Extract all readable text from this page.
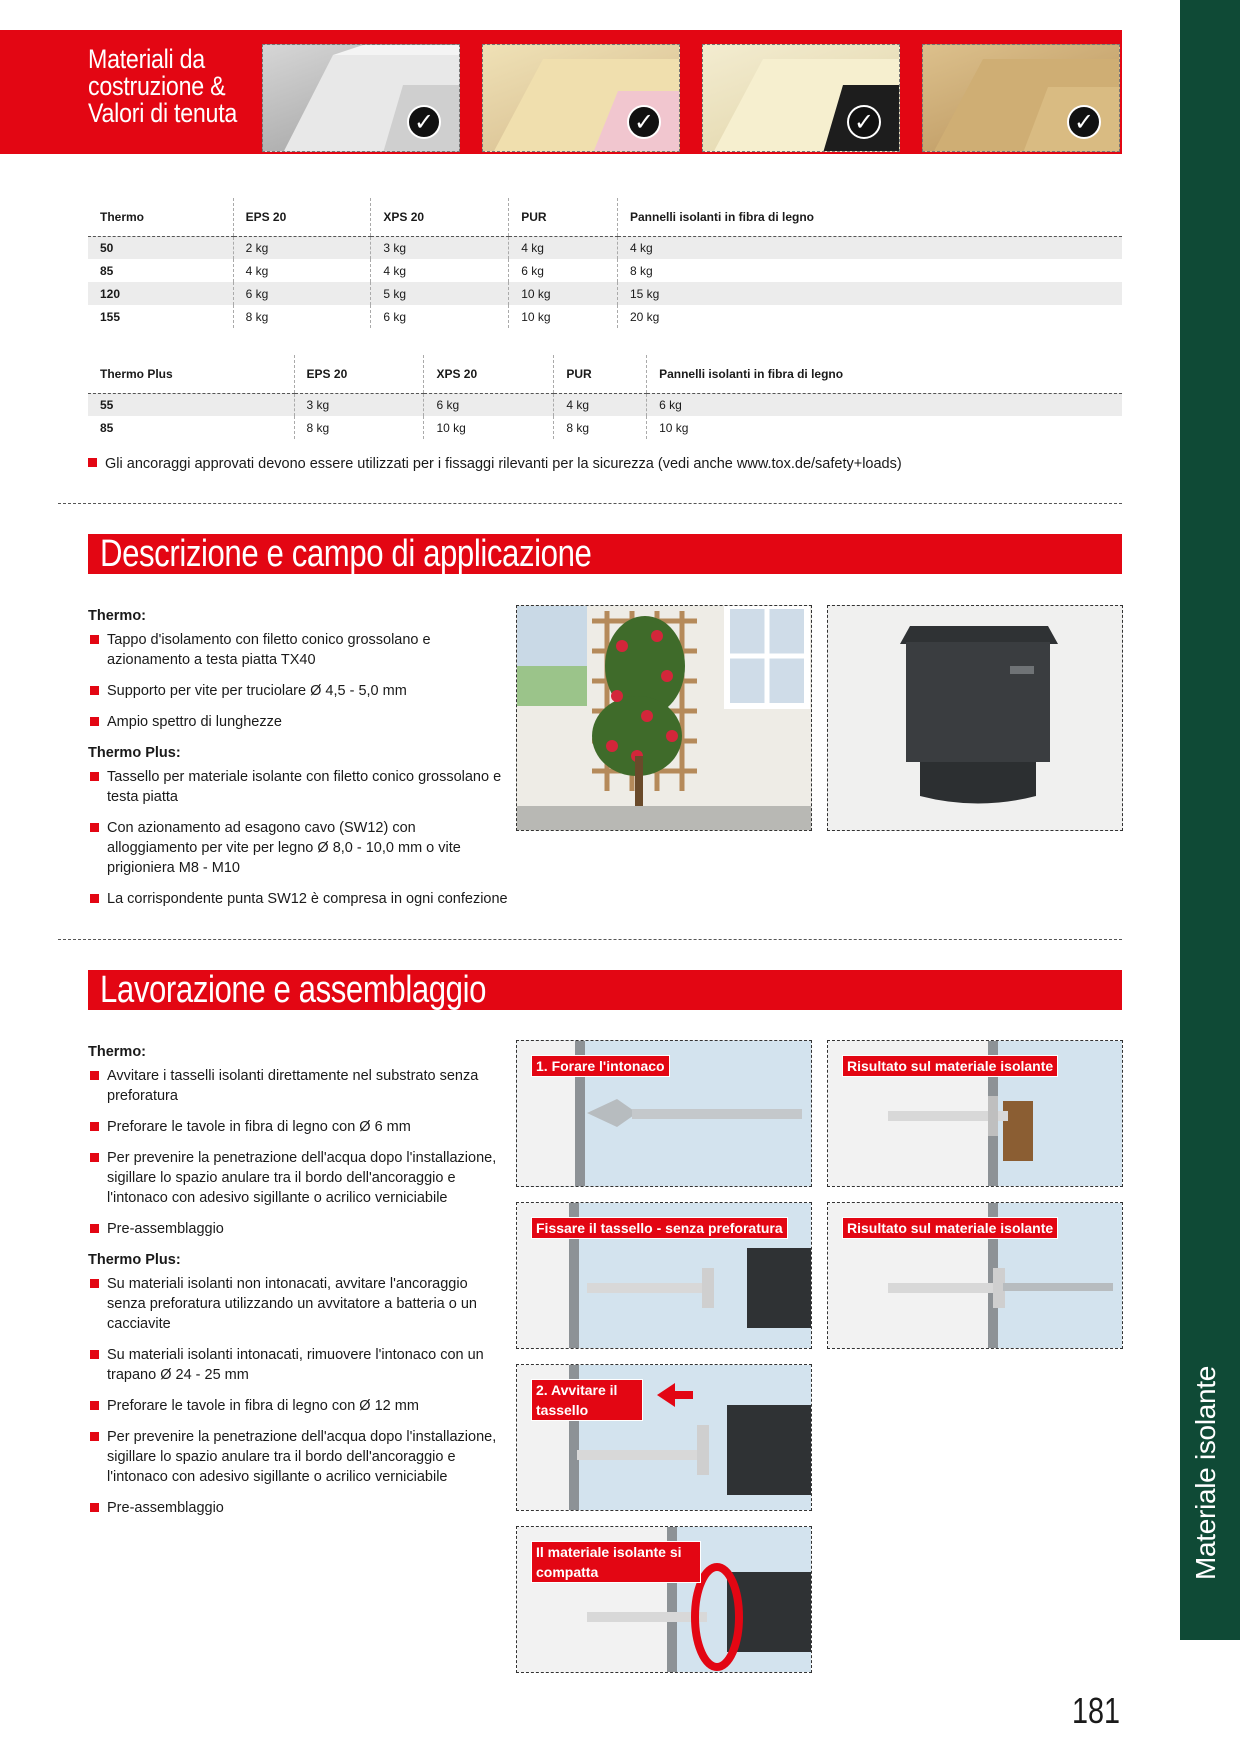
Materiale isolante
Materiali da
costruzione &
Valori di tenuta	✓	✓	✓	✓
Thermo	EPS 20	XPS 20	PUR	Pannelli isolanti in fibra di legno
50	2 kg	3 kg	4 kg	4 kg
85	4 kg	4 kg	6 kg	8 kg
120	6 kg	5 kg	10 kg	15 kg
155	8 kg	6 kg	10 kg	20 kg
Thermo Plus	EPS 20	XPS 20	PUR	Pannelli isolanti in fibra di legno
55	3 kg	6 kg	4 kg	6 kg
85	8 kg	10 kg	8 kg	10 kg
Gli ancoraggi approvati devono essere utilizzati per i fissaggi rilevanti per la sicurezza (vedi anche www.tox.de/safety+loads)
Descrizione e campo di applicazione
Thermo:
Tappo d'isolamento con filetto conico grossolano e azionamento a testa piatta TX40
Supporto per vite per truciolare Ø 4,5 - 5,0 mm
Ampio spettro di lunghezze
Thermo Plus:
Tassello per materiale isolante con filetto conico grossolano e testa piatta
Con azionamento ad esagono cavo (SW12) con alloggiamento per vite per legno Ø 8,0 - 10,0 mm o vite prigioniera M8 - M10
La corrispondente punta SW12 è compresa in ogni confezione
Lavorazione e assemblaggio
Thermo:
Avvitare i tasselli isolanti direttamente nel substrato senza preforatura
Preforare le tavole in fibra di legno con Ø 6 mm
Per prevenire la penetrazione dell'acqua dopo l'installazione, sigillare lo spazio anulare tra il bordo dell'ancoraggio e l'intonaco con adesivo sigillante o acrilico verniciabile
Pre-assemblaggio
Thermo Plus:
Su materiali isolanti non intonacati, avvitare l'ancoraggio senza preforatura utilizzando un avvitatore a batteria o un cacciavite
Su materiali isolanti intonacati, rimuovere l'intonaco con un trapano Ø 24 - 25 mm
Preforare le tavole in fibra di legno con Ø 12 mm
Per prevenire la penetrazione dell'acqua dopo l'installazione, sigillare lo spazio anulare tra il bordo dell'ancoraggio e l'intonaco con adesivo sigillante o acrilico verniciabile
Pre-assemblaggio
1. Forare l'intonaco	Risultato sul materiale isolante
Fissare il tassello - senza preforatura	Risultato sul materiale isolante
2. Avvitare il tassello
Il materiale isolante si compatta
181
